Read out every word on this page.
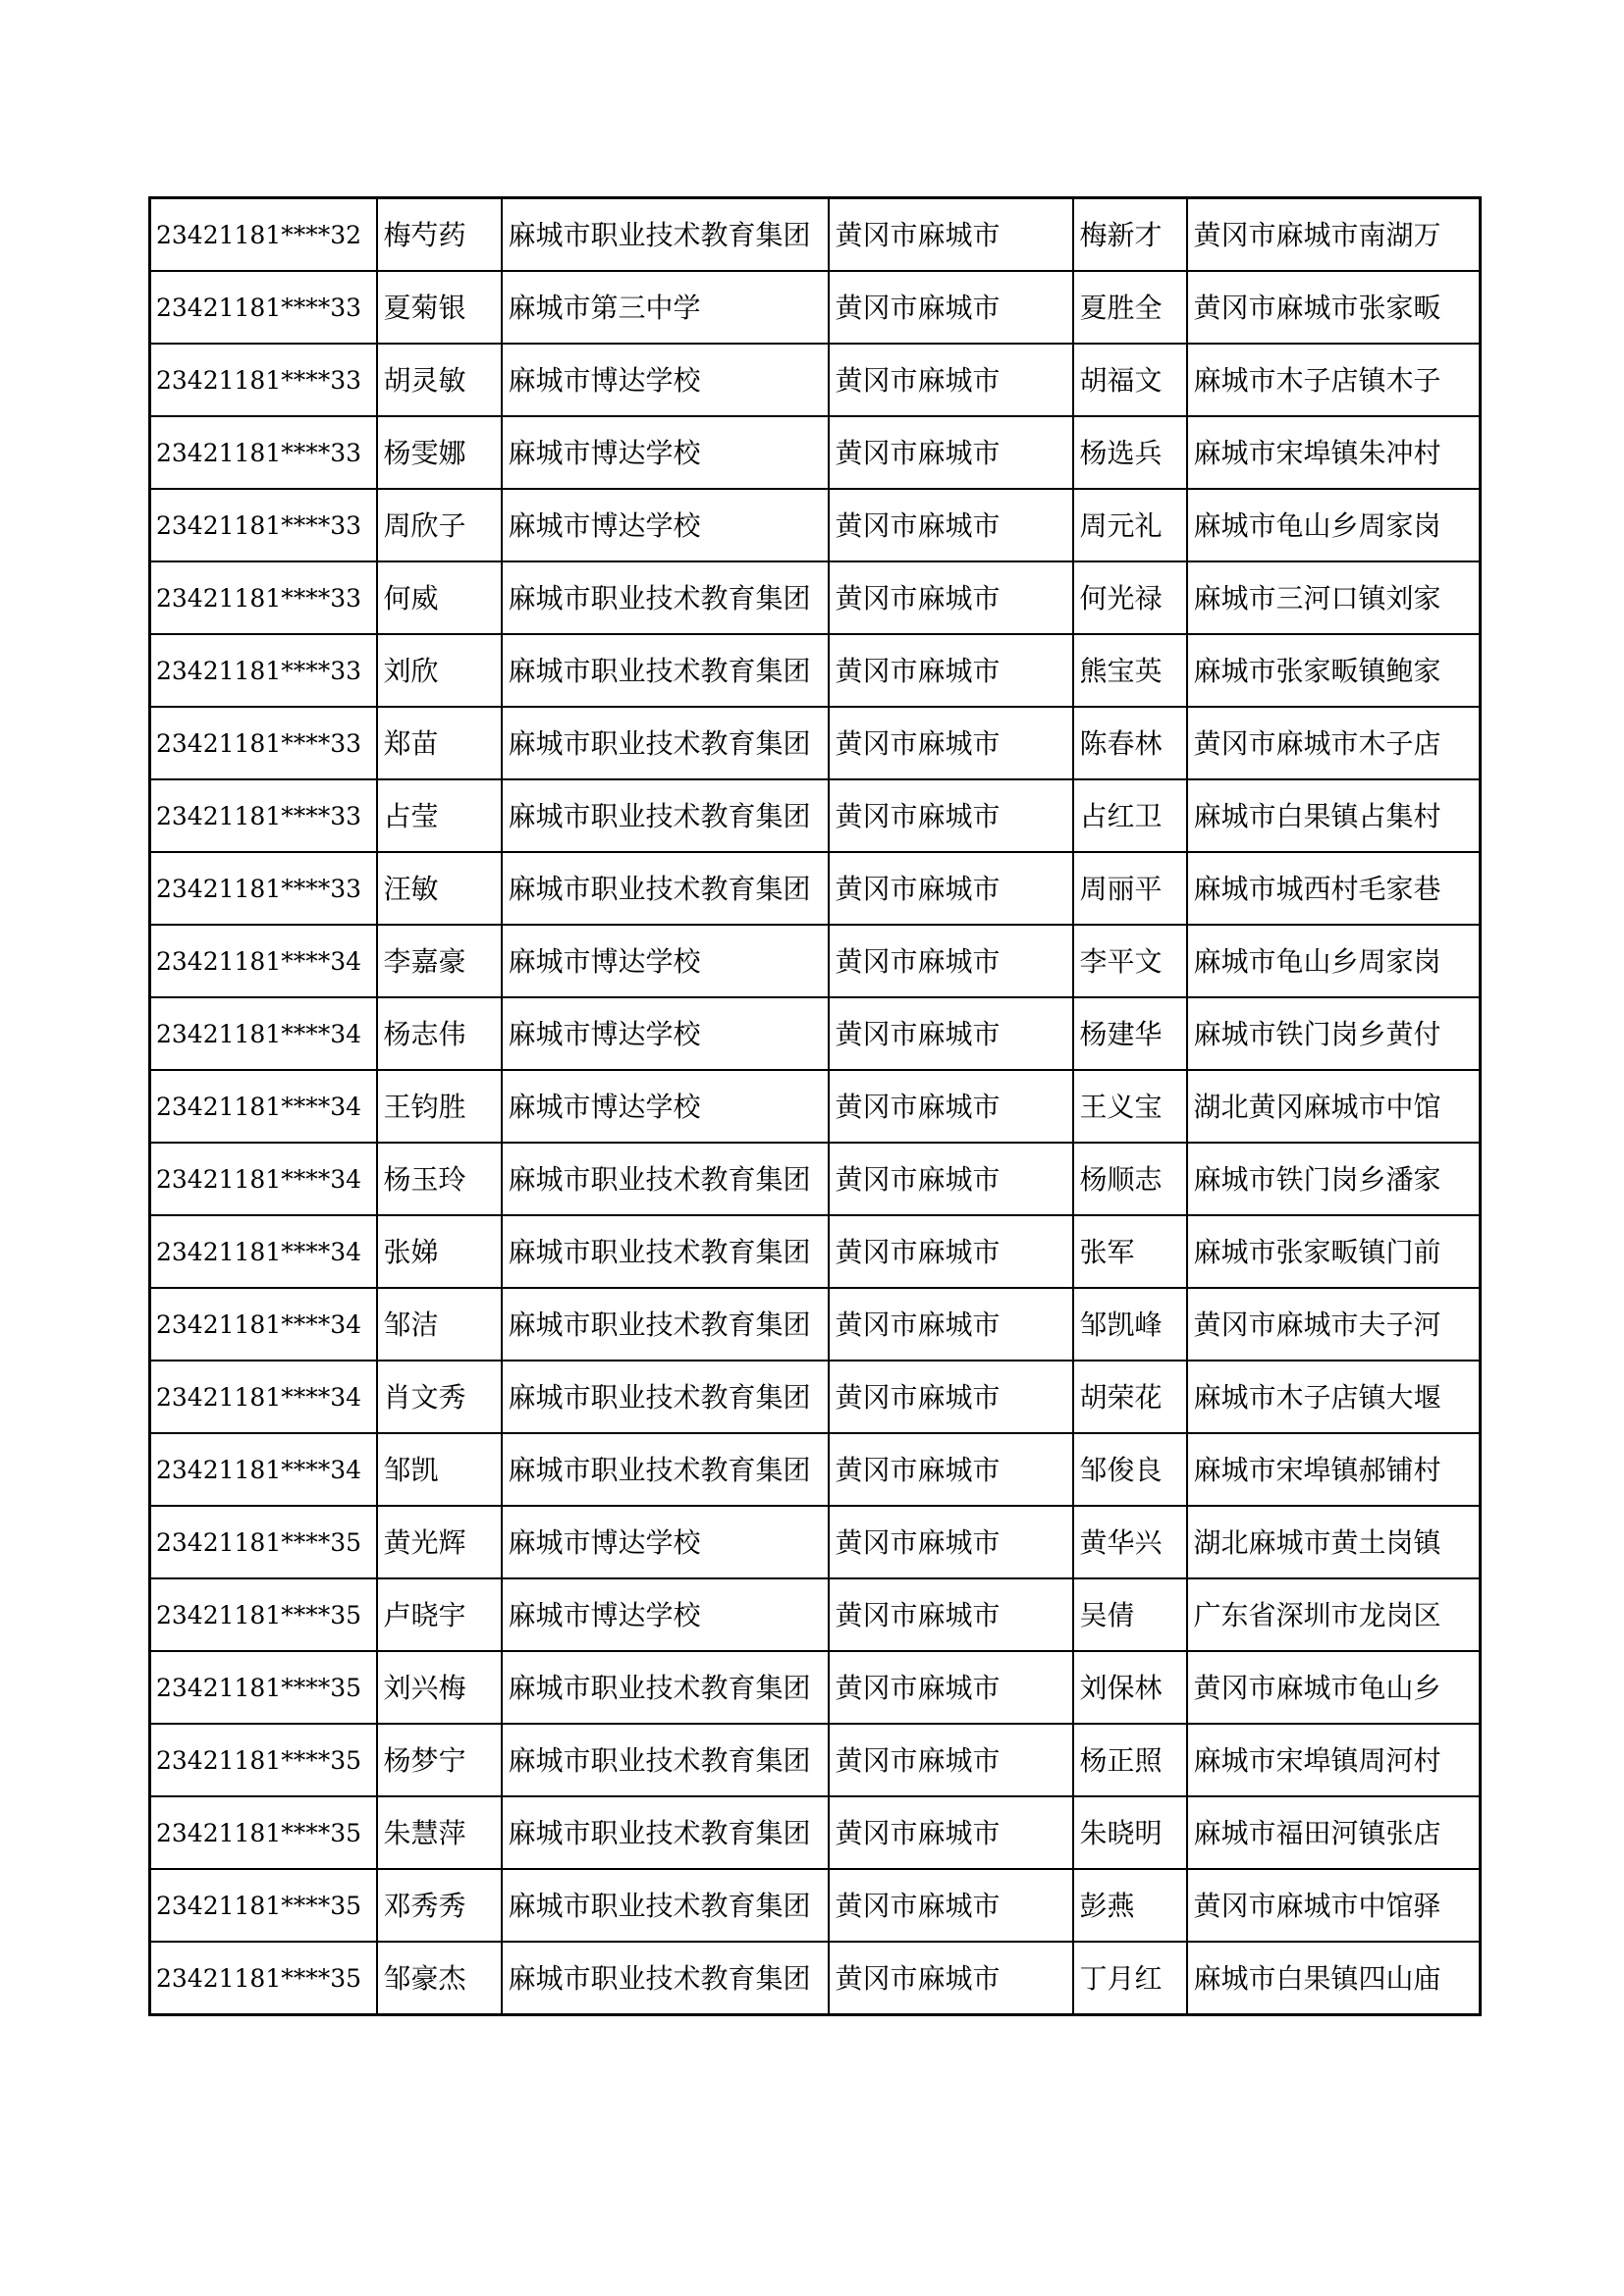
23421181****32	梅芍药	麻城市职业技术教育集团	黄冈市麻城市	梅新才	黄冈市麻城市南湖万
23421181****33	夏菊银	麻城市第三中学	黄冈市麻城市	夏胜全	黄冈市麻城市张家畈
23421181****33	胡灵敏	麻城市博达学校	黄冈市麻城市	胡福文	麻城市木子店镇木子
23421181****33	杨雯娜	麻城市博达学校	黄冈市麻城市	杨选兵	麻城市宋埠镇朱冲村
23421181****33	周欣子	麻城市博达学校	黄冈市麻城市	周元礼	麻城市龟山乡周家岗
23421181****33	何威	麻城市职业技术教育集团	黄冈市麻城市	何光禄	麻城市三河口镇刘家
23421181****33	刘欣	麻城市职业技术教育集团	黄冈市麻城市	熊宝英	麻城市张家畈镇鲍家
23421181****33	郑苗	麻城市职业技术教育集团	黄冈市麻城市	陈春林	黄冈市麻城市木子店
23421181****33	占莹	麻城市职业技术教育集团	黄冈市麻城市	占红卫	麻城市白果镇占集村
23421181****33	汪敏	麻城市职业技术教育集团	黄冈市麻城市	周丽平	麻城市城西村毛家巷
23421181****34	李嘉豪	麻城市博达学校	黄冈市麻城市	李平文	麻城市龟山乡周家岗
23421181****34	杨志伟	麻城市博达学校	黄冈市麻城市	杨建华	麻城市铁门岗乡黄付
23421181****34	王钧胜	麻城市博达学校	黄冈市麻城市	王义宝	湖北黄冈麻城市中馆
23421181****34	杨玉玲	麻城市职业技术教育集团	黄冈市麻城市	杨顺志	麻城市铁门岗乡潘家
23421181****34	张娣	麻城市职业技术教育集团	黄冈市麻城市	张军	麻城市张家畈镇门前
23421181****34	邹洁	麻城市职业技术教育集团	黄冈市麻城市	邹凯峰	黄冈市麻城市夫子河
23421181****34	肖文秀	麻城市职业技术教育集团	黄冈市麻城市	胡荣花	麻城市木子店镇大堰
23421181****34	邹凯	麻城市职业技术教育集团	黄冈市麻城市	邹俊良	麻城市宋埠镇郝铺村
23421181****35	黄光辉	麻城市博达学校	黄冈市麻城市	黄华兴	湖北麻城市黄土岗镇
23421181****35	卢晓宇	麻城市博达学校	黄冈市麻城市	吴倩	广东省深圳市龙岗区
23421181****35	刘兴梅	麻城市职业技术教育集团	黄冈市麻城市	刘保林	黄冈市麻城市龟山乡
23421181****35	杨梦宁	麻城市职业技术教育集团	黄冈市麻城市	杨正照	麻城市宋埠镇周河村
23421181****35	朱慧萍	麻城市职业技术教育集团	黄冈市麻城市	朱晓明	麻城市福田河镇张店
23421181****35	邓秀秀	麻城市职业技术教育集团	黄冈市麻城市	彭燕	黄冈市麻城市中馆驿
23421181****35	邹豪杰	麻城市职业技术教育集团	黄冈市麻城市	丁月红	麻城市白果镇四山庙
